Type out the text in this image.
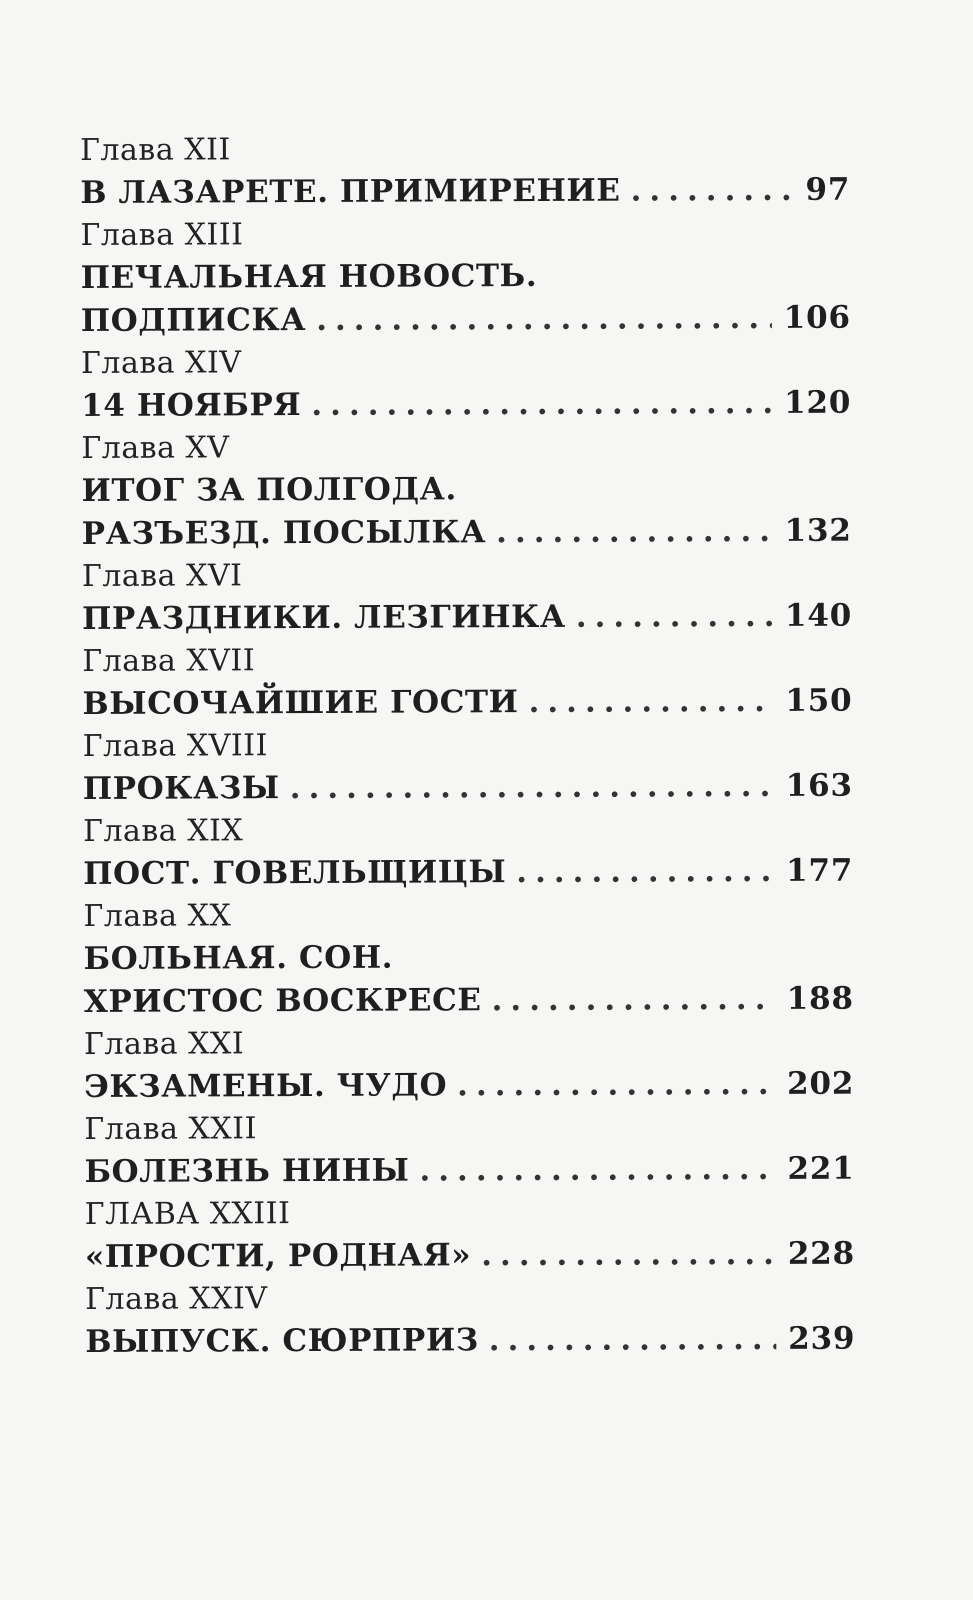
Глава XII
В ЛАЗАРЕТЕ. ПРИМИРЕНИЕ .....	97
Глава XIII
ПЕЧАЛЬНАЯ НОВОСТЬ.
ПОДПИСКА .....	106
Глава XIV
14 НОЯБРЯ .....	120
Глава XV
ИТОГ ЗА ПОЛГОДА.
РАЗЪЕЗД. ПОСЫЛКА .....	132
Глава XVI
ПРАЗДНИКИ. ЛЕЗГИНКА .....	140
Глава XVII
ВЫСОЧАЙШИЕ ГОСТИ .....	150
Глава XVIII
ПРОКАЗЫ .....	163
Глава XIX
ПОСТ. ГОВЕЛЬЩИЦЫ .....	177
Глава XX
БОЛЬНАЯ. СОН.
ХРИСТОС ВОСКРЕСЕ .....	188
Глава XXI
ЭКЗАМЕНЫ. ЧУДО .....	202
Глава XXII
БОЛЕЗНЬ НИНЫ .....	221
ГЛАВА XXIII
«ПРОСТИ, РОДНАЯ» .....	228
Глава XXIV
ВЫПУСК. СЮРПРИЗ .....	239
